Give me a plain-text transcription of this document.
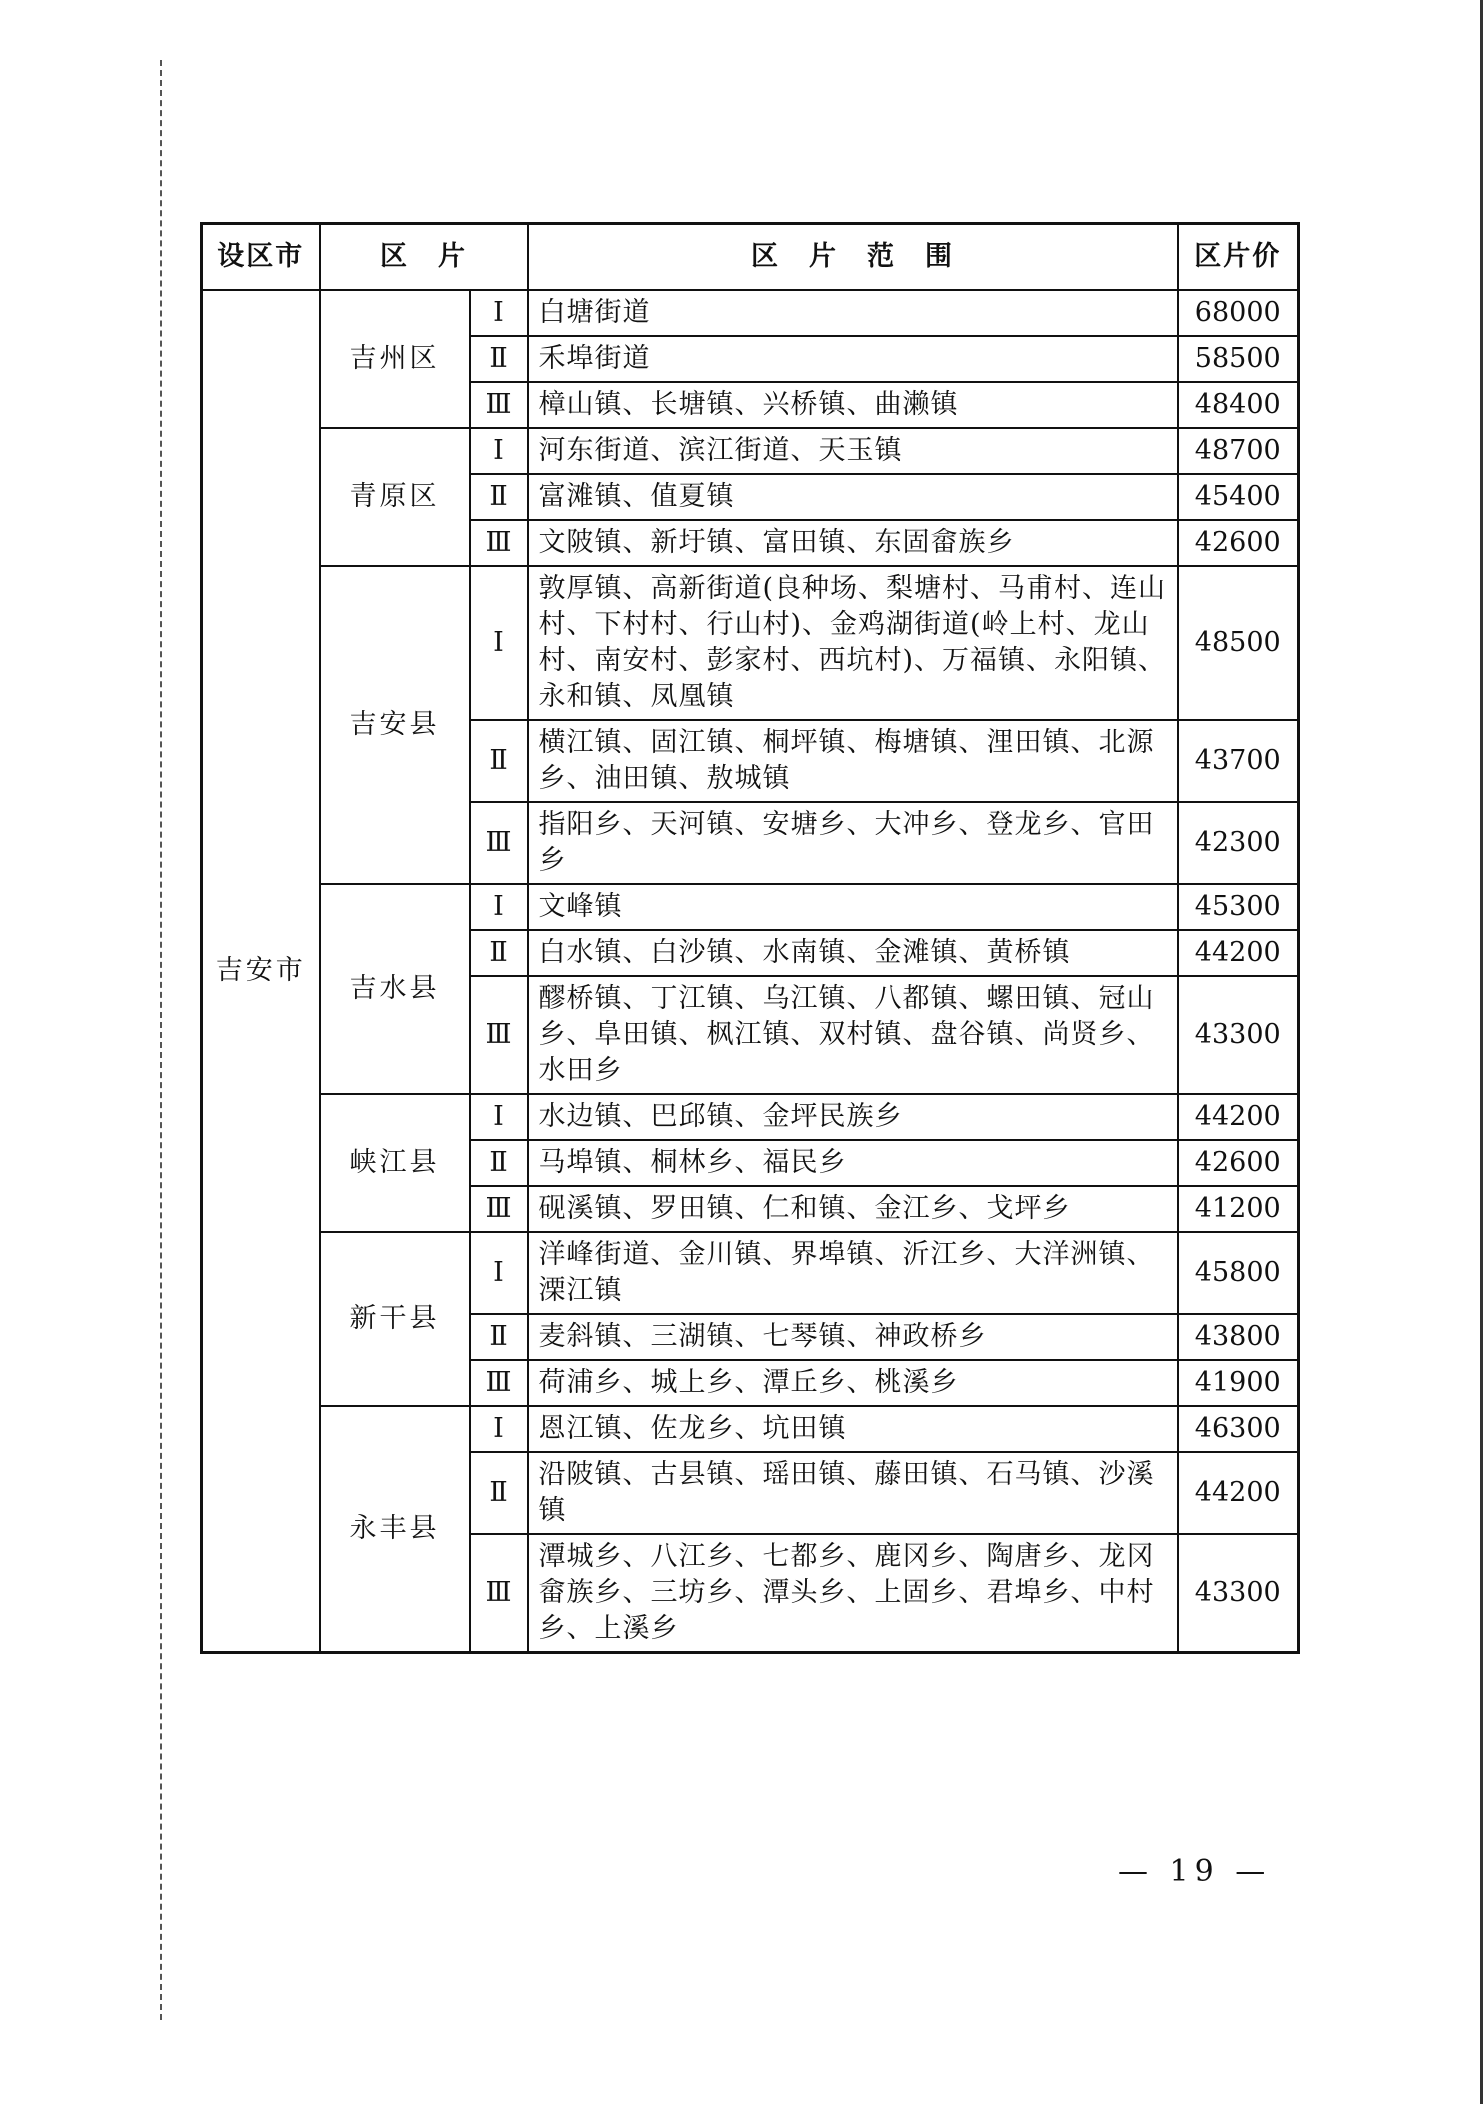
设区市	区　片		区　片　范　围	区片价
吉安市	吉州区	Ⅰ	白塘街道	68000
		Ⅱ	禾埠街道	58500
		Ⅲ	樟山镇、长塘镇、兴桥镇、曲濑镇	48400
	青原区	Ⅰ	河东街道、滨江街道、天玉镇	48700
		Ⅱ	富滩镇、值夏镇	45400
		Ⅲ	文陂镇、新圩镇、富田镇、东固畲族乡	42600
	吉安县	Ⅰ	敦厚镇、高新街道(良种场、梨塘村、马甫村、连山村、下村村、行山村)、金鸡湖街道(岭上村、龙山村、南安村、彭家村、西坑村)、万福镇、永阳镇、永和镇、凤凰镇	48500
		Ⅱ	横江镇、固江镇、桐坪镇、梅塘镇、浬田镇、北源乡、油田镇、敖城镇	43700
		Ⅲ	指阳乡、天河镇、安塘乡、大冲乡、登龙乡、官田乡	42300
	吉水县	Ⅰ	文峰镇	45300
		Ⅱ	白水镇、白沙镇、水南镇、金滩镇、黄桥镇	44200
		Ⅲ	醪桥镇、丁江镇、乌江镇、八都镇、螺田镇、冠山乡、阜田镇、枫江镇、双村镇、盘谷镇、尚贤乡、水田乡	43300
	峡江县	Ⅰ	水边镇、巴邱镇、金坪民族乡	44200
		Ⅱ	马埠镇、桐林乡、福民乡	42600
		Ⅲ	砚溪镇、罗田镇、仁和镇、金江乡、戈坪乡	41200
	新干县	Ⅰ	洋峰街道、金川镇、界埠镇、沂江乡、大洋洲镇、溧江镇	45800
		Ⅱ	麦斜镇、三湖镇、七琴镇、神政桥乡	43800
		Ⅲ	荷浦乡、城上乡、潭丘乡、桃溪乡	41900
	永丰县	Ⅰ	恩江镇、佐龙乡、坑田镇	46300
		Ⅱ	沿陂镇、古县镇、瑶田镇、藤田镇、石马镇、沙溪镇	44200
		Ⅲ	潭城乡、八江乡、七都乡、鹿冈乡、陶唐乡、龙冈畲族乡、三坊乡、潭头乡、上固乡、君埠乡、中村乡、上溪乡	43300
— 19 —
